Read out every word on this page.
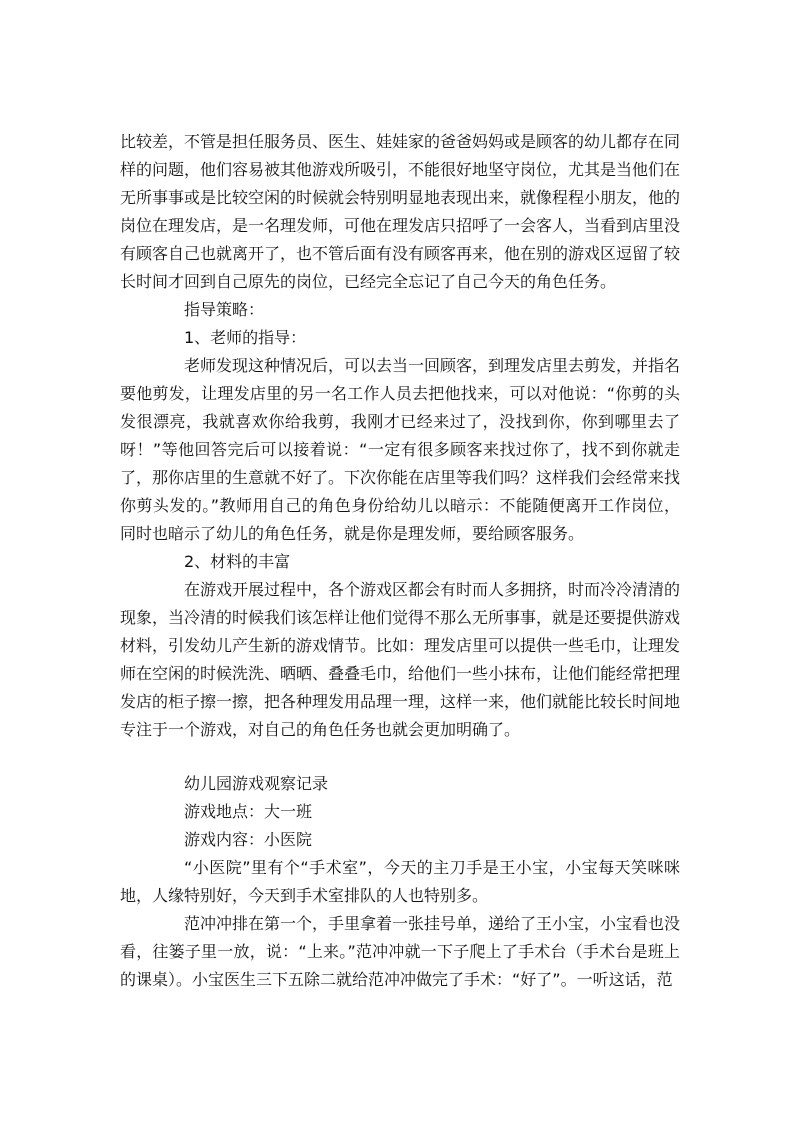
比较差，不管是担任服务员、医生、娃娃家的爸爸妈妈或是顾客的幼儿都存在同样的问题，他们容易被其他游戏所吸引，不能很好地坚守岗位，尤其是当他们在无所事事或是比较空闲的时候就会特别明显地表现出来，就像程程小朋友，他的岗位在理发店，是一名理发师，可他在理发店只招呼了一会客人，当看到店里没有顾客自己也就离开了，也不管后面有没有顾客再来，他在别的游戏区逗留了较长时间才回到自己原先的岗位，已经完全忘记了自己今天的角色任务。

指导策略：

1、老师的指导：

老师发现这种情况后，可以去当一回顾客，到理发店里去剪发，并指名要他剪发，让理发店里的另一名工作人员去把他找来，可以对他说：“你剪的头发很漂亮，我就喜欢你给我剪，我刚才已经来过了，没找到你，你到哪里去了呀！”等他回答完后可以接着说：“一定有很多顾客来找过你了，找不到你就走了，那你店里的生意就不好了。下次你能在店里等我们吗？这样我们会经常来找你剪头发的。”教师用自己的角色身份给幼儿以暗示：不能随便离开工作岗位，同时也暗示了幼儿的角色任务，就是你是理发师，要给顾客服务。

2、材料的丰富

在游戏开展过程中，各个游戏区都会有时而人多拥挤，时而冷冷清清的现象，当冷清的时候我们该怎样让他们觉得不那么无所事事，就是还要提供游戏材料，引发幼儿产生新的游戏情节。比如：理发店里可以提供一些毛巾，让理发师在空闲的时候洗洗、晒晒、叠叠毛巾，给他们一些小抹布，让他们能经常把理发店的柜子擦一擦，把各种理发用品理一理，这样一来，他们就能比较长时间地专注于一个游戏，对自己的角色任务也就会更加明确了。

幼儿园游戏观察记录

游戏地点：大一班

游戏内容：小医院

“小医院”里有个“手术室”，今天的主刀手是王小宝，小宝每天笑咪咪地，人缘特别好，今天到手术室排队的人也特别多。

范冲冲排在第一个，手里拿着一张挂号单，递给了王小宝，小宝看也没看，往篓子里一放，说：“上来。”范冲冲就一下子爬上了手术台（手术台是班上的课桌）。小宝医生三下五除二就给范冲冲做完了手术：“好了”。一听这话，范
